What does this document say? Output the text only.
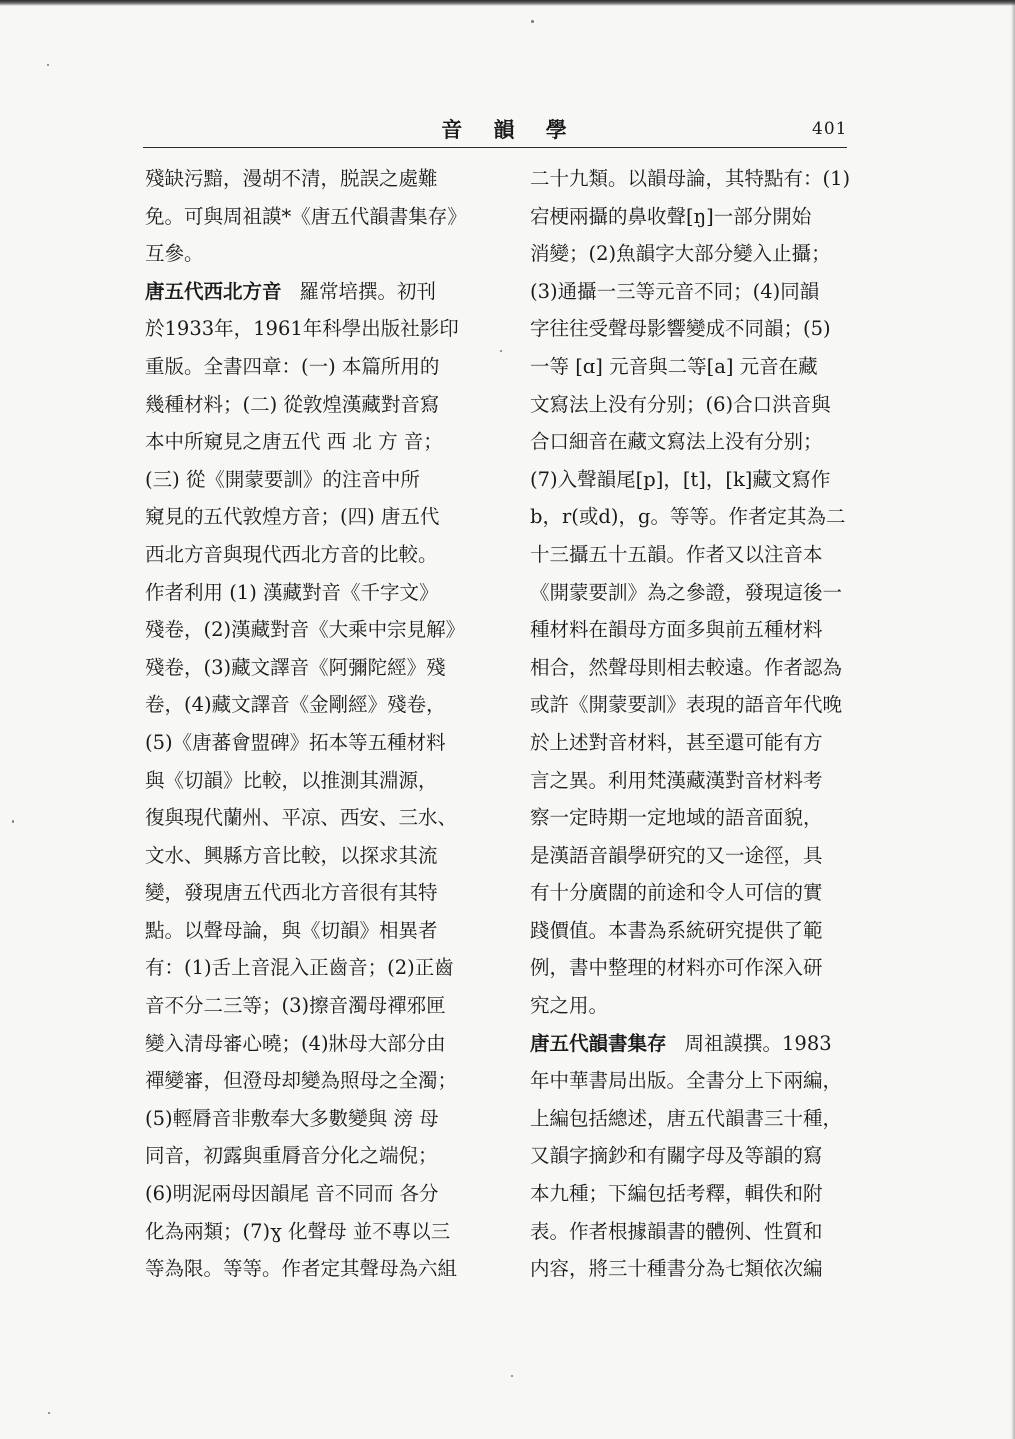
音 韻 學	401
殘缺污黯，漫胡不清，脱誤之處難
免。可與周祖謨*《唐五代韻書集存》
互參。
唐五代西北方音 羅常培撰。初刊
於1933年，1961年科學出版社影印
重版。全書四章：(一) 本篇所用的
幾種材料；(二) 從敦煌漢藏對音寫
本中所窺見之唐五代 西 北 方 音；
(三) 從《開蒙要訓》的注音中所
窺見的五代敦煌方音；(四) 唐五代
西北方音與現代西北方音的比較。
作者利用 (1) 漢藏對音《千字文》
殘卷，(2)漢藏對音《大乘中宗見解》
殘卷，(3)藏文譯音《阿彌陀經》殘
卷，(4)藏文譯音《金剛經》殘卷，
(5)《唐蕃會盟碑》拓本等五種材料
與《切韻》比較，以推測其淵源，
復與現代蘭州、平凉、西安、三水、
文水、興縣方音比較，以探求其流
變，發現唐五代西北方音很有其特
點。以聲母論，與《切韻》相異者
有：(1)舌上音混入正齒音；(2)正齒
音不分二三等；(3)擦音濁母禪邪匣
變入清母審心曉；(4)牀母大部分由
禪變審，但澄母却變為照母之全濁；
(5)輕脣音非敷奉大多數變與 滂 母
同音，初露與重脣音分化之端倪；
(6)明泥兩母因韻尾 音不同而 各分
化為兩類；(7)ɣ 化聲母 並不專以三
等為限。等等。作者定其聲母為六組
二十九類。以韻母論，其特點有：(1)
宕梗兩攝的鼻收聲[ŋ]一部分開始
消變；(2)魚韻字大部分變入止攝；
(3)通攝一三等元音不同；(4)同韻
字往往受聲母影響變成不同韻；(5)
一等 [ɑ] 元音與二等[a] 元音在藏
文寫法上没有分别；(6)合口洪音與
合口細音在藏文寫法上没有分别；
(7)入聲韻尾[p]，[t]，[k]藏文寫作
b，r(或d)，g。等等。作者定其為二
十三攝五十五韻。作者又以注音本
《開蒙要訓》為之參證，發現這後一
種材料在韻母方面多與前五種材料
相合，然聲母則相去較遠。作者認為
或許《開蒙要訓》表現的語音年代晚
於上述對音材料，甚至還可能有方
言之異。利用梵漢藏漢對音材料考
察一定時期一定地域的語音面貌，
是漢語音韻學研究的又一途徑，具
有十分廣闊的前途和令人可信的實
踐價值。本書為系統研究提供了範
例，書中整理的材料亦可作深入研
究之用。
唐五代韻書集存 周祖謨撰。1983
年中華書局出版。全書分上下兩編，
上編包括總述，唐五代韻書三十種，
又韻字摘鈔和有關字母及等韻的寫
本九種；下編包括考釋，輯佚和附
表。作者根據韻書的體例、性質和
内容，將三十種書分為七類依次編
